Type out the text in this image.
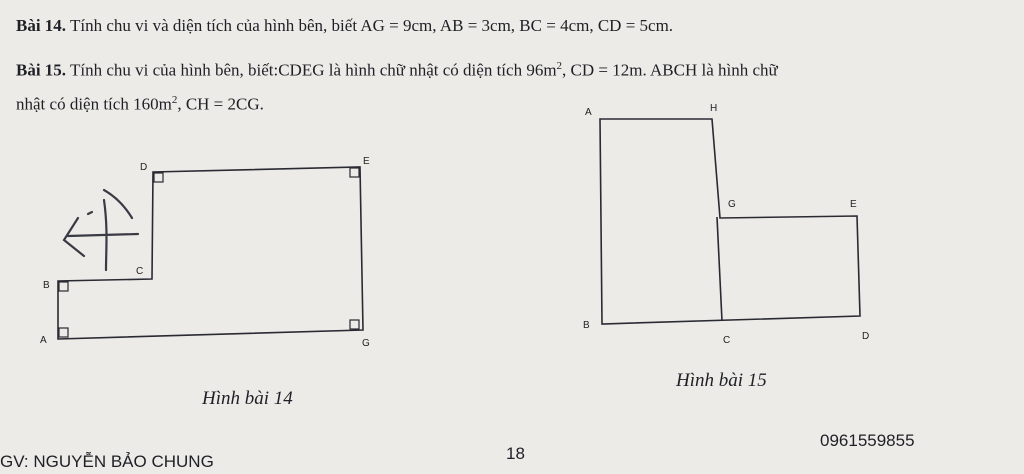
Bài 14. Tính chu vi và diện tích của hình bên, biết AG = 9cm, AB = 3cm, BC = 4cm, CD = 5cm.
Bài 15. Tính chu vi của hình bên, biết:CDEG là hình chữ nhật có diện tích $96m^2$, CD = 12m. ABCH là hình chữ
nhật có diện tích $160m^2$, CH = 2CG.
D
E
C
B
A	G
A	H
G	E
B
C	D
Hình bài 14
Hình bài 15
GV: NGUYỄN BẢO CHUNG	18
0961559855
